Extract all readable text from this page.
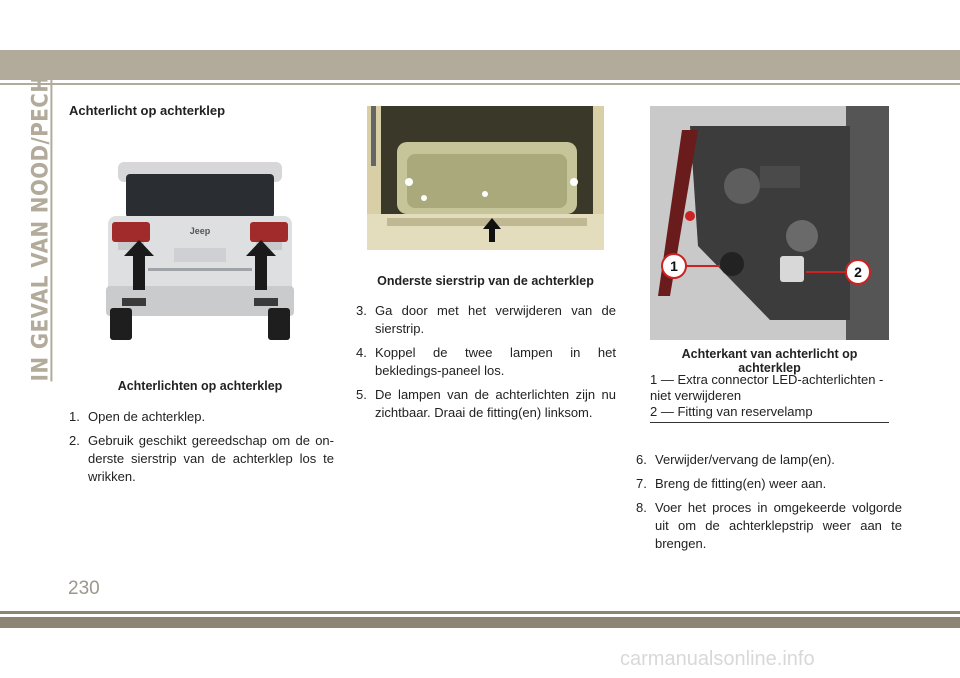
IN GEVAL VAN NOOD/PECH Achterlicht op achterklep
Jeep
Achterlichten op achterklep
1. Open de achterklep.
2. Gebruik geschikt gereedschap om de on-derste sierstrip van de achterklep los te wrikken.
Onderste sierstrip van de achterklep
3. Ga door met het verwijderen van de sierstrip.
4. Koppel de twee lampen in het bekledings-paneel los.
5. De lampen van de achterlichten zijn nu zichtbaar. Draai de fitting(en) linksom.
1	2
Achterkant van achterlicht op achterklep
1 — Extra connector LED-achterlichten - niet verwijderen
2 — Fitting van reservelamp
6. Verwijder/vervang de lamp(en).
7. Breng de fitting(en) weer aan.
8. Voer het proces in omgekeerde volgorde uit om de achterklepstrip weer aan te brengen.
230
carmanualsonline.info
